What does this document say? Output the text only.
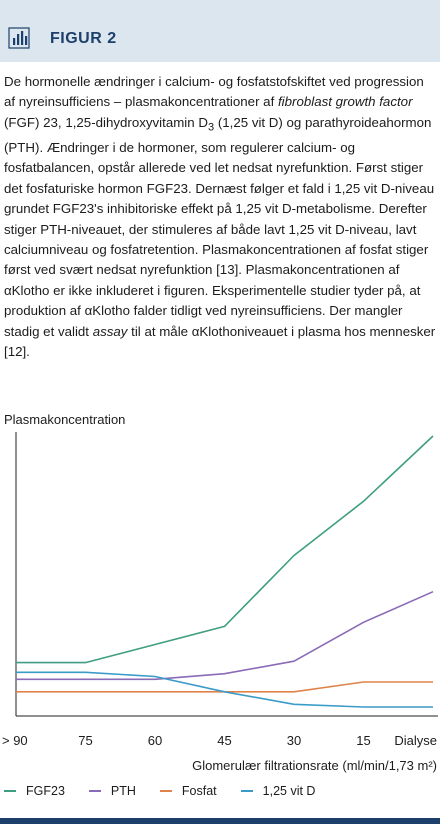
FIGUR 2

De hormonelle ændringer i calcium- og fosfatstofskiftet ved progression af nyreinsufficiens – plasmakoncentrationer af fibroblast growth factor (FGF) 23, 1,25-dihydroxyvitamin $D_3$ (1,25 vit D) og parathyroideahormon (PTH). Ændringer i de hormoner, som regulerer calcium- og fosfatbalancen, opstår allerede ved let nedsat nyrefunktion. Først stiger det fosfaturiske hormon FGF23. Dernæst følger et fald i 1,25 vit D-niveau grundet FGF23's inhibitoriske effekt på 1,25 vit D-metabolisme. Derefter stiger PTH-niveauet, der stimuleres af både lavt 1,25 vit D-niveau, lavt calciumniveau og fosfatretention. Plasmakoncentrationen af fosfat stiger først ved svært nedsat nyrefunktion [13]. Plasmakoncentrationen af αKlotho er ikke inkluderet i figuren. Eksperimentelle studier tyder på, at produktion af αKlotho falder tidligt ved nyreinsufficiens. Der mangler stadig et validt assay til at måle αKlothoniveauet i plasma hos mennesker [12].

Plasmakoncentration
> 90	75	60	45	30	15 Dialyse
Glomerulær filtrationsrate (ml/min/1,73 m²)
FGF23	PTH	Fosfat	1,25 vit D
